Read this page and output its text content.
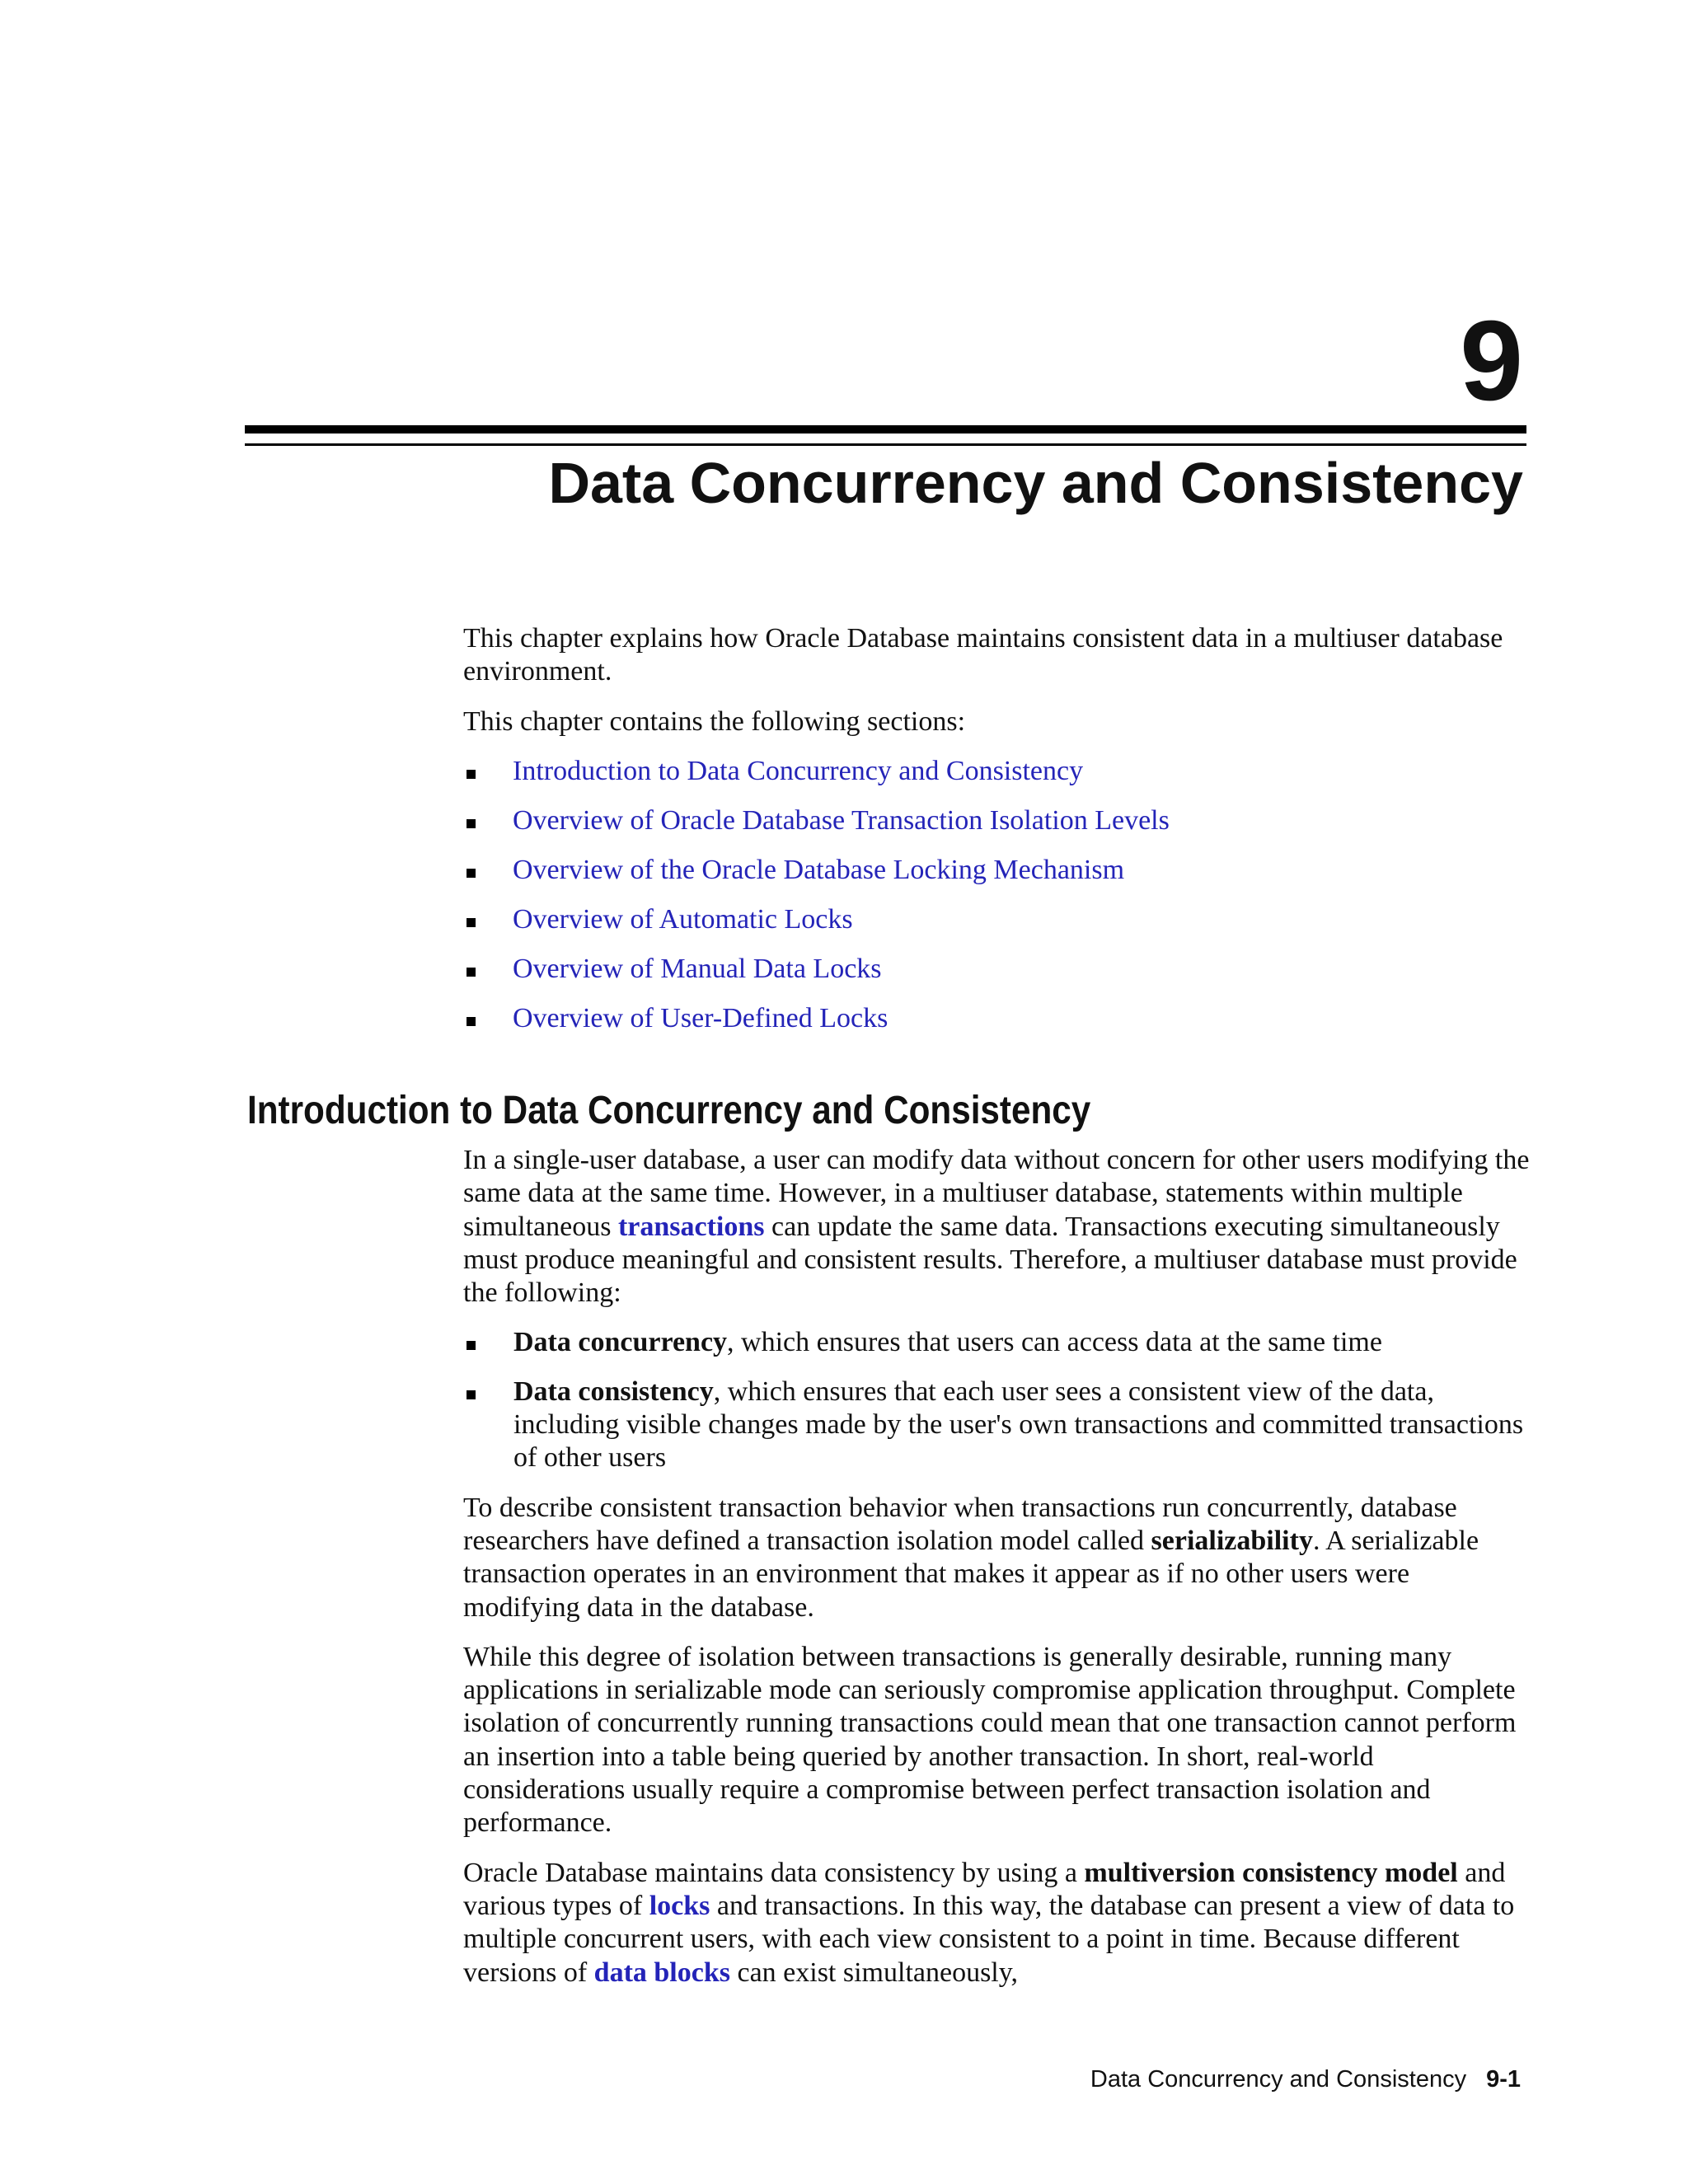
9
Data Concurrency and Consistency

This chapter explains how Oracle Database maintains consistent data in a multiuser database environment.

This chapter contains the following sections:

Introduction to Data Concurrency and Consistency
Overview of Oracle Database Transaction Isolation Levels
Overview of the Oracle Database Locking Mechanism
Overview of Automatic Locks
Overview of Manual Data Locks
Overview of User-Defined Locks
Introduction to Data Concurrency and Consistency

In a single-user database, a user can modify data without concern for other users modifying the same data at the same time. However, in a multiuser database, statements within multiple simultaneous transactions can update the same data. Transactions executing simultaneously must produce meaningful and consistent results. Therefore, a multiuser database must provide the following:

Data concurrency, which ensures that users can access data at the same time
Data consistency, which ensures that each user sees a consistent view of the data, including visible changes made by the user's own transactions and committed transactions of other users

To describe consistent transaction behavior when transactions run concurrently, database researchers have defined a transaction isolation model called serializability. A serializable transaction operates in an environment that makes it appear as if no other users were modifying data in the database.

While this degree of isolation between transactions is generally desirable, running many applications in serializable mode can seriously compromise application throughput. Complete isolation of concurrently running transactions could mean that one transaction cannot perform an insertion into a table being queried by another transaction. In short, real-world considerations usually require a compromise between perfect transaction isolation and performance.

Oracle Database maintains data consistency by using a multiversion consistency model and various types of locks and transactions. In this way, the database can present a view of data to multiple concurrent users, with each view consistent to a point in time. Because different versions of data blocks can exist simultaneously,

Data Concurrency and Consistency 9-1
